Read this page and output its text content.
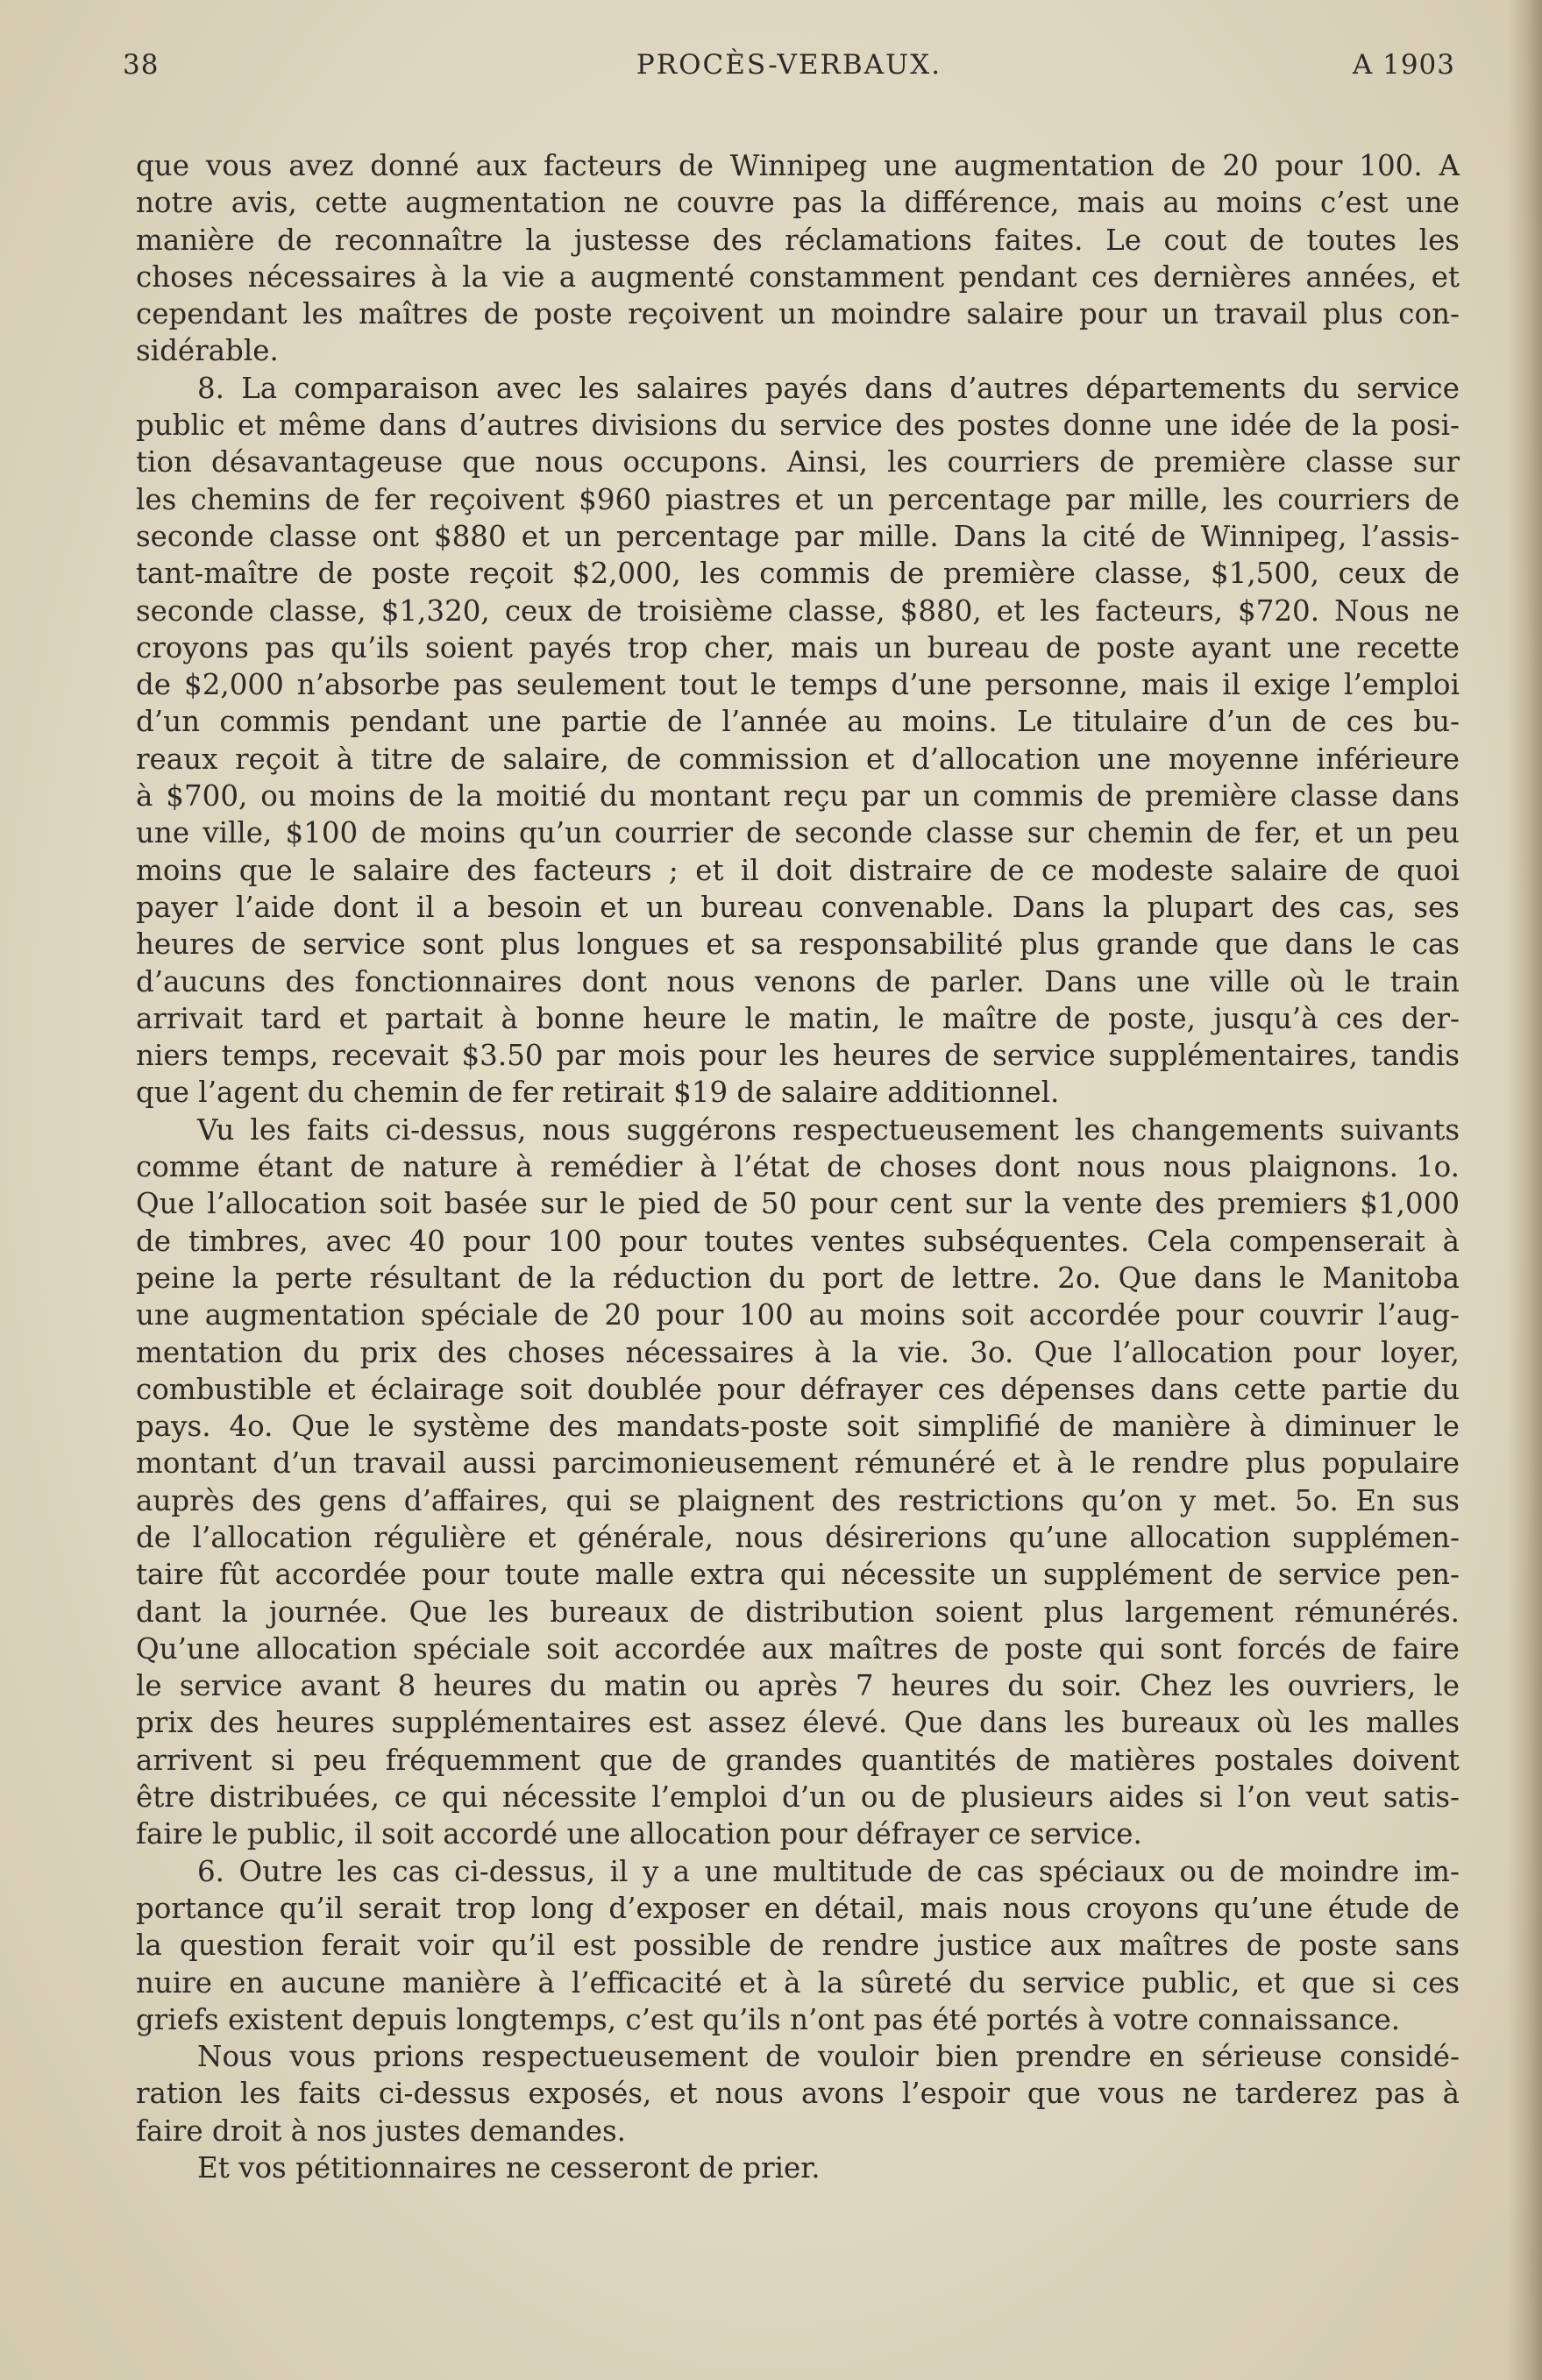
38	PROCÈS-VERBAUX.	A 1903

que vous avez donné aux facteurs de Winnipeg une augmentation de 20 pour 100. A
notre avis, cette augmentation ne couvre pas la différence, mais au moins c’est une
manière de reconnaître la justesse des réclamations faites. Le cout de toutes les
choses nécessaires à la vie a augmenté constamment pendant ces dernières années, et
cependant les maîtres de poste reçoivent un moindre salaire pour un travail plus con-
sidérable.

8. La comparaison avec les salaires payés dans d’autres départements du service
public et même dans d’autres divisions du service des postes donne une idée de la posi-
tion désavantageuse que nous occupons. Ainsi, les courriers de première classe sur
les chemins de fer reçoivent $960 piastres et un percentage par mille, les courriers de
seconde classe ont $880 et un percentage par mille. Dans la cité de Winnipeg, l’assis-
tant-maître de poste reçoit $2,000, les commis de première classe, $1,500, ceux de
seconde classe, $1,320, ceux de troisième classe, $880, et les facteurs, $720. Nous ne
croyons pas qu’ils soient payés trop cher, mais un bureau de poste ayant une recette
de $2,000 n’absorbe pas seulement tout le temps d’une personne, mais il exige l’emploi
d’un commis pendant une partie de l’année au moins. Le titulaire d’un de ces bu-
reaux reçoit à titre de salaire, de commission et d’allocation une moyenne inférieure
à $700, ou moins de la moitié du montant reçu par un commis de première classe dans
une ville, $100 de moins qu’un courrier de seconde classe sur chemin de fer, et un peu
moins que le salaire des facteurs ; et il doit distraire de ce modeste salaire de quoi
payer l’aide dont il a besoin et un bureau convenable. Dans la plupart des cas, ses
heures de service sont plus longues et sa responsabilité plus grande que dans le cas
d’aucuns des fonctionnaires dont nous venons de parler. Dans une ville où le train
arrivait tard et partait à bonne heure le matin, le maître de poste, jusqu’à ces der-
niers temps, recevait $3.50 par mois pour les heures de service supplémentaires, tandis
que l’agent du chemin de fer retirait $19 de salaire additionnel.

Vu les faits ci-dessus, nous suggérons respectueusement les changements suivants
comme étant de nature à remédier à l’état de choses dont nous nous plaignons. 1o.
Que l’allocation soit basée sur le pied de 50 pour cent sur la vente des premiers $1,000
de timbres, avec 40 pour 100 pour toutes ventes subséquentes. Cela compenserait à
peine la perte résultant de la réduction du port de lettre. 2o. Que dans le Manitoba
une augmentation spéciale de 20 pour 100 au moins soit accordée pour couvrir l’aug-
mentation du prix des choses nécessaires à la vie. 3o. Que l’allocation pour loyer,
combustible et éclairage soit doublée pour défrayer ces dépenses dans cette partie du
pays. 4o. Que le système des mandats-poste soit simplifié de manière à diminuer le
montant d’un travail aussi parcimonieusement rémunéré et à le rendre plus populaire
auprès des gens d’affaires, qui se plaignent des restrictions qu’on y met. 5o. En sus
de l’allocation régulière et générale, nous désirerions qu’une allocation supplémen-
taire fût accordée pour toute malle extra qui nécessite un supplément de service pen-
dant la journée. Que les bureaux de distribution soient plus largement rémunérés.
Qu’une allocation spéciale soit accordée aux maîtres de poste qui sont forcés de faire
le service avant 8 heures du matin ou après 7 heures du soir. Chez les ouvriers, le
prix des heures supplémentaires est assez élevé. Que dans les bureaux où les malles
arrivent si peu fréquemment que de grandes quantités de matières postales doivent
être distribuées, ce qui nécessite l’emploi d’un ou de plusieurs aides si l’on veut satis-
faire le public, il soit accordé une allocation pour défrayer ce service.

6. Outre les cas ci-dessus, il y a une multitude de cas spéciaux ou de moindre im-
portance qu’il serait trop long d’exposer en détail, mais nous croyons qu’une étude de
la question ferait voir qu’il est possible de rendre justice aux maîtres de poste sans
nuire en aucune manière à l’efficacité et à la sûreté du service public, et que si ces
griefs existent depuis longtemps, c’est qu’ils n’ont pas été portés à votre connaissance.

Nous vous prions respectueusement de vouloir bien prendre en sérieuse considé-
ration les faits ci-dessus exposés, et nous avons l’espoir que vous ne tarderez pas à
faire droit à nos justes demandes.

Et vos pétitionnaires ne cesseront de prier.
